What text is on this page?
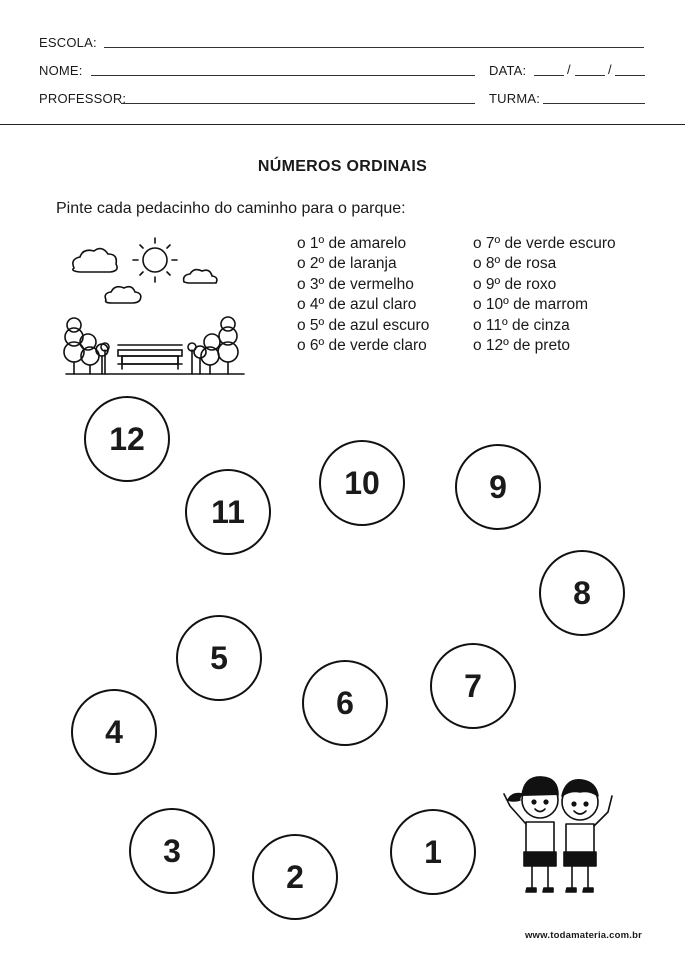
ESCOLA:
NOME:	DATA:	/	/
PROFESSOR:	TURMA:
NÚMEROS ORDINAIS
Pinte cada pedacinho do caminho para o parque:
o 1º de amarelo
o 2º de laranja
o 3º de vermelho
o 4º de azul claro
o 5º de azul escuro
o 6º de verde claro
o 7º de verde escuro
o 8º de rosa
o 9º de roxo
o 10º de marrom
o 11º de cinza
o 12º de preto
12
11
10	9
8
5
7
6
4
1
3
2
www.todamateria.com.br
